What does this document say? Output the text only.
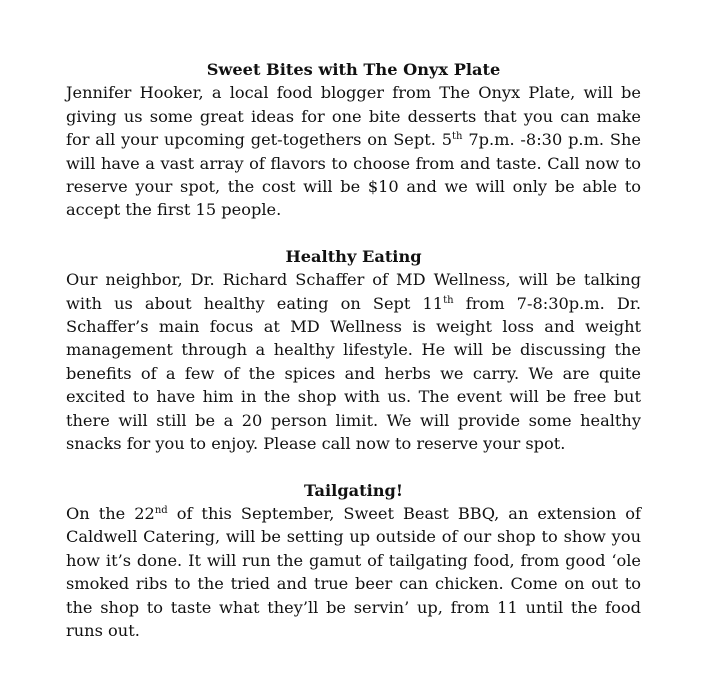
Sweet Bites with The Onyx Plate

Jennifer Hooker, a local food blogger from The Onyx Plate, will be giving us some great ideas for one bite desserts that you can make for all your upcoming get-togethers on Sept. 5th 7p.m. -8:30 p.m. She will have a vast array of flavors to choose from and taste. Call now to reserve your spot, the cost will be $10 and we will only be able to accept the first 15 people.

Healthy Eating

Our neighbor, Dr. Richard Schaffer of MD Wellness, will be talking with us about healthy eating on Sept 11th from 7-8:30p.m. Dr. Schaffer’s main focus at MD Wellness is weight loss and weight management through a healthy lifestyle. He will be discussing the benefits of a few of the spices and herbs we carry. We are quite excited to have him in the shop with us. The event will be free but there will still be a 20 person limit. We will provide some healthy snacks for you to enjoy. Please call now to reserve your spot.

Tailgating!

On the 22nd of this September, Sweet Beast BBQ, an extension of Caldwell Catering, will be setting up outside of our shop to show you how it’s done. It will run the gamut of tailgating food, from good ‘ole smoked ribs to the tried and true beer can chicken. Come on out to the shop to taste what they’ll be servin’ up, from 11 until the food runs out.
